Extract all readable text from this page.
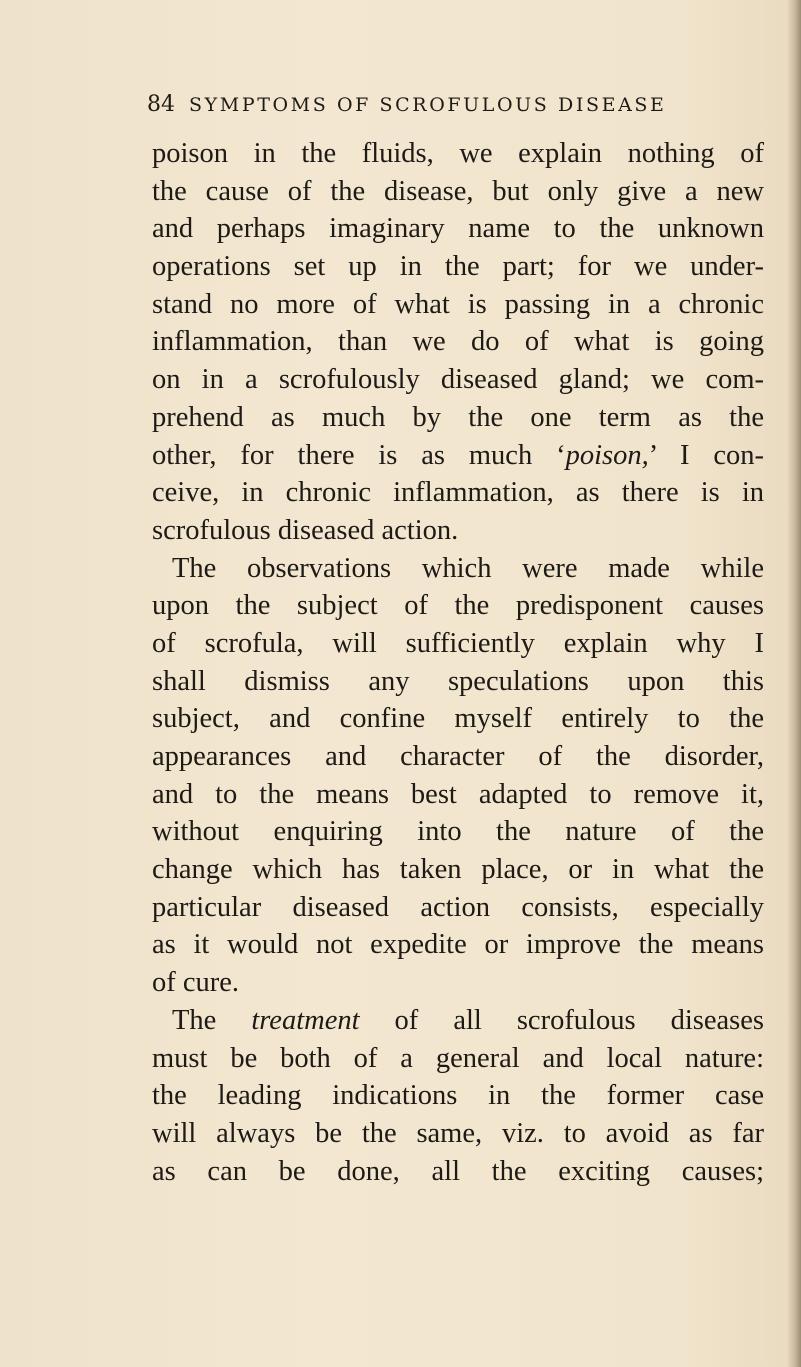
84 SYMPTOMS OF SCROFULOUS DISEASE
poison in the fluids, we explain nothing of
the cause of the disease, but only give a new
and perhaps imaginary name to the unknown
operations set up in the part; for we under-
stand no more of what is passing in a chronic
inflammation, than we do of what is going
on in a scrofulously diseased gland; we com-
prehend as much by the one term as the
other, for there is as much ‘poison,’ I con-
ceive, in chronic inflammation, as there is in
scrofulous diseased action.
The observations which were made while
upon the subject of the predisponent causes
of scrofula, will sufficiently explain why I
shall dismiss any speculations upon this
subject, and confine myself entirely to the
appearances and character of the disorder,
and to the means best adapted to remove it,
without enquiring into the nature of the
change which has taken place, or in what the
particular diseased action consists, especially
as it would not expedite or improve the means
of cure.
The treatment of all scrofulous diseases
must be both of a general and local nature:
the leading indications in the former case
will always be the same, viz. to avoid as far
as can be done, all the exciting causes;
